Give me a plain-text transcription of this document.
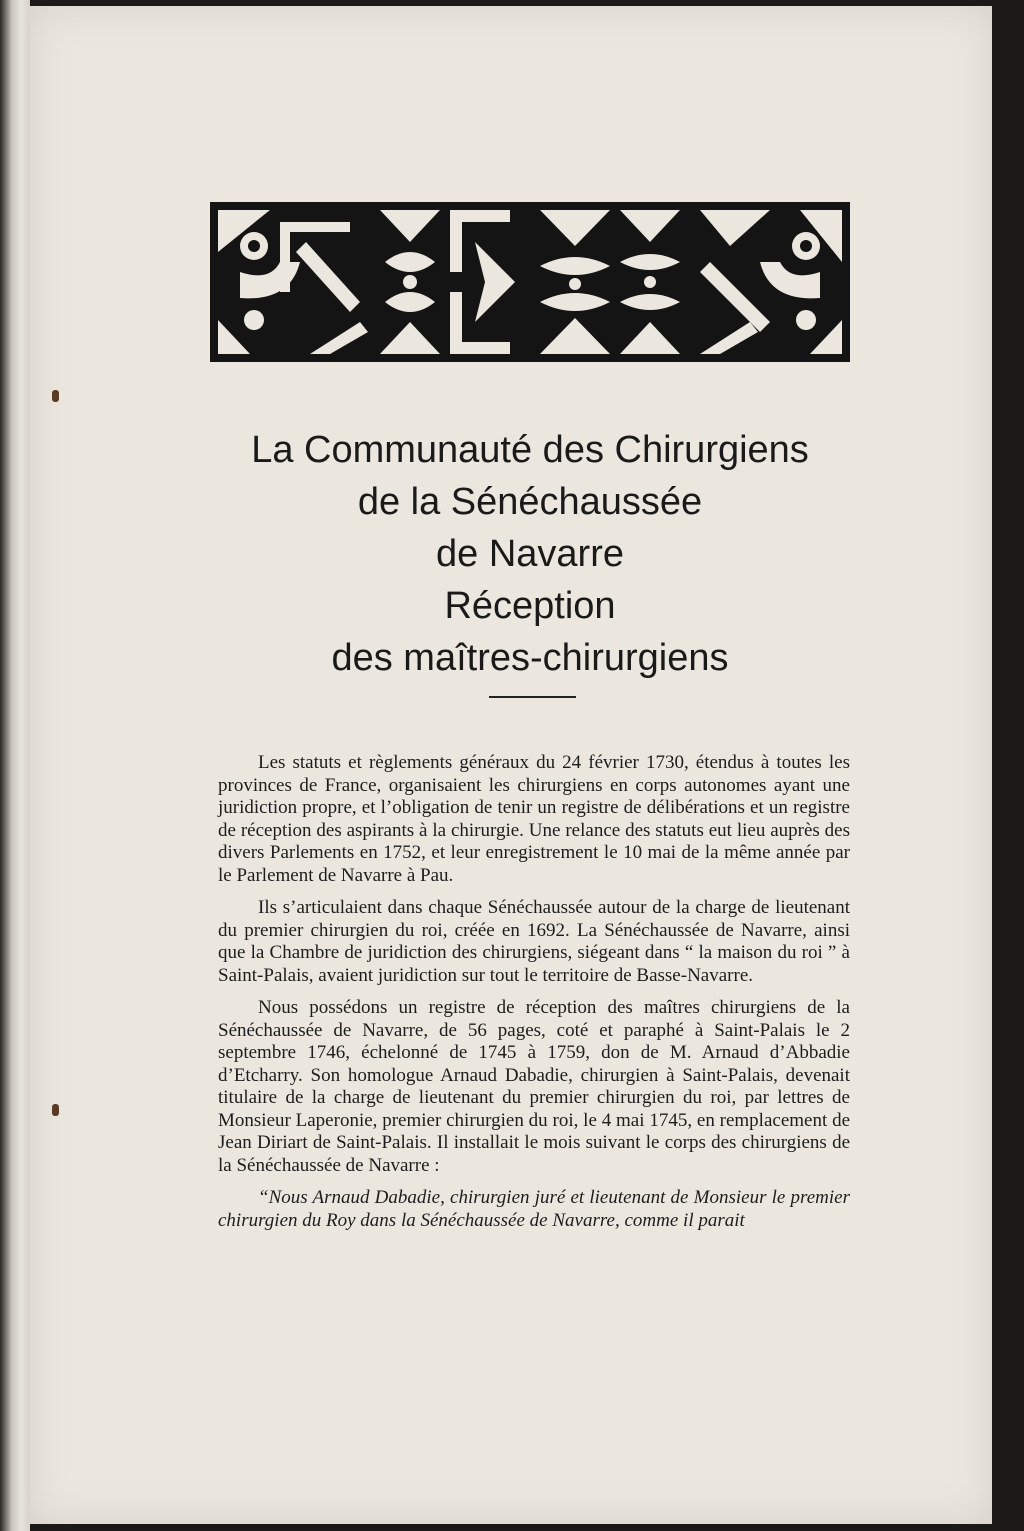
La Communauté des Chirurgiens
de la Sénéchaussée
de Navarre
Réception
des maîtres-chirurgiens

Les statuts et règlements généraux du 24 février 1730, étendus à toutes les provinces de France, organisaient les chirurgiens en corps autonomes ayant une juridiction propre, et l’obligation de tenir un registre de délibérations et un registre de réception des aspirants à la chirurgie. Une relance des statuts eut lieu auprès des divers Parlements en 1752, et leur enregistrement le 10 mai de la même année par le Parlement de Navarre à Pau.

Ils s’articulaient dans chaque Sénéchaussée autour de la charge de lieutenant du premier chirurgien du roi, créée en 1692. La Sénéchaussée de Navarre, ainsi que la Chambre de juridiction des chirurgiens, siégeant dans “ la maison du roi ” à Saint-Palais, avaient juridiction sur tout le territoire de Basse-Navarre.

Nous possédons un registre de réception des maîtres chirurgiens de la Sénéchaussée de Navarre, de 56 pages, coté et paraphé à Saint-Palais le 2 septembre 1746, échelonné de 1745 à 1759, don de M. Arnaud d’Abbadie d’Etcharry. Son homologue Arnaud Dabadie, chirurgien à Saint-Palais, devenait titulaire de la charge de lieutenant du premier chirurgien du roi, par lettres de Monsieur Laperonie, premier chirurgien du roi, le 4 mai 1745, en remplacement de Jean Diriart de Saint-Palais. Il installait le mois suivant le corps des chirurgiens de la Sénéchaussée de Navarre :

“Nous Arnaud Dabadie, chirurgien juré et lieutenant de Monsieur le premier chirurgien du Roy dans la Sénéchaussée de Navarre, comme il parait
